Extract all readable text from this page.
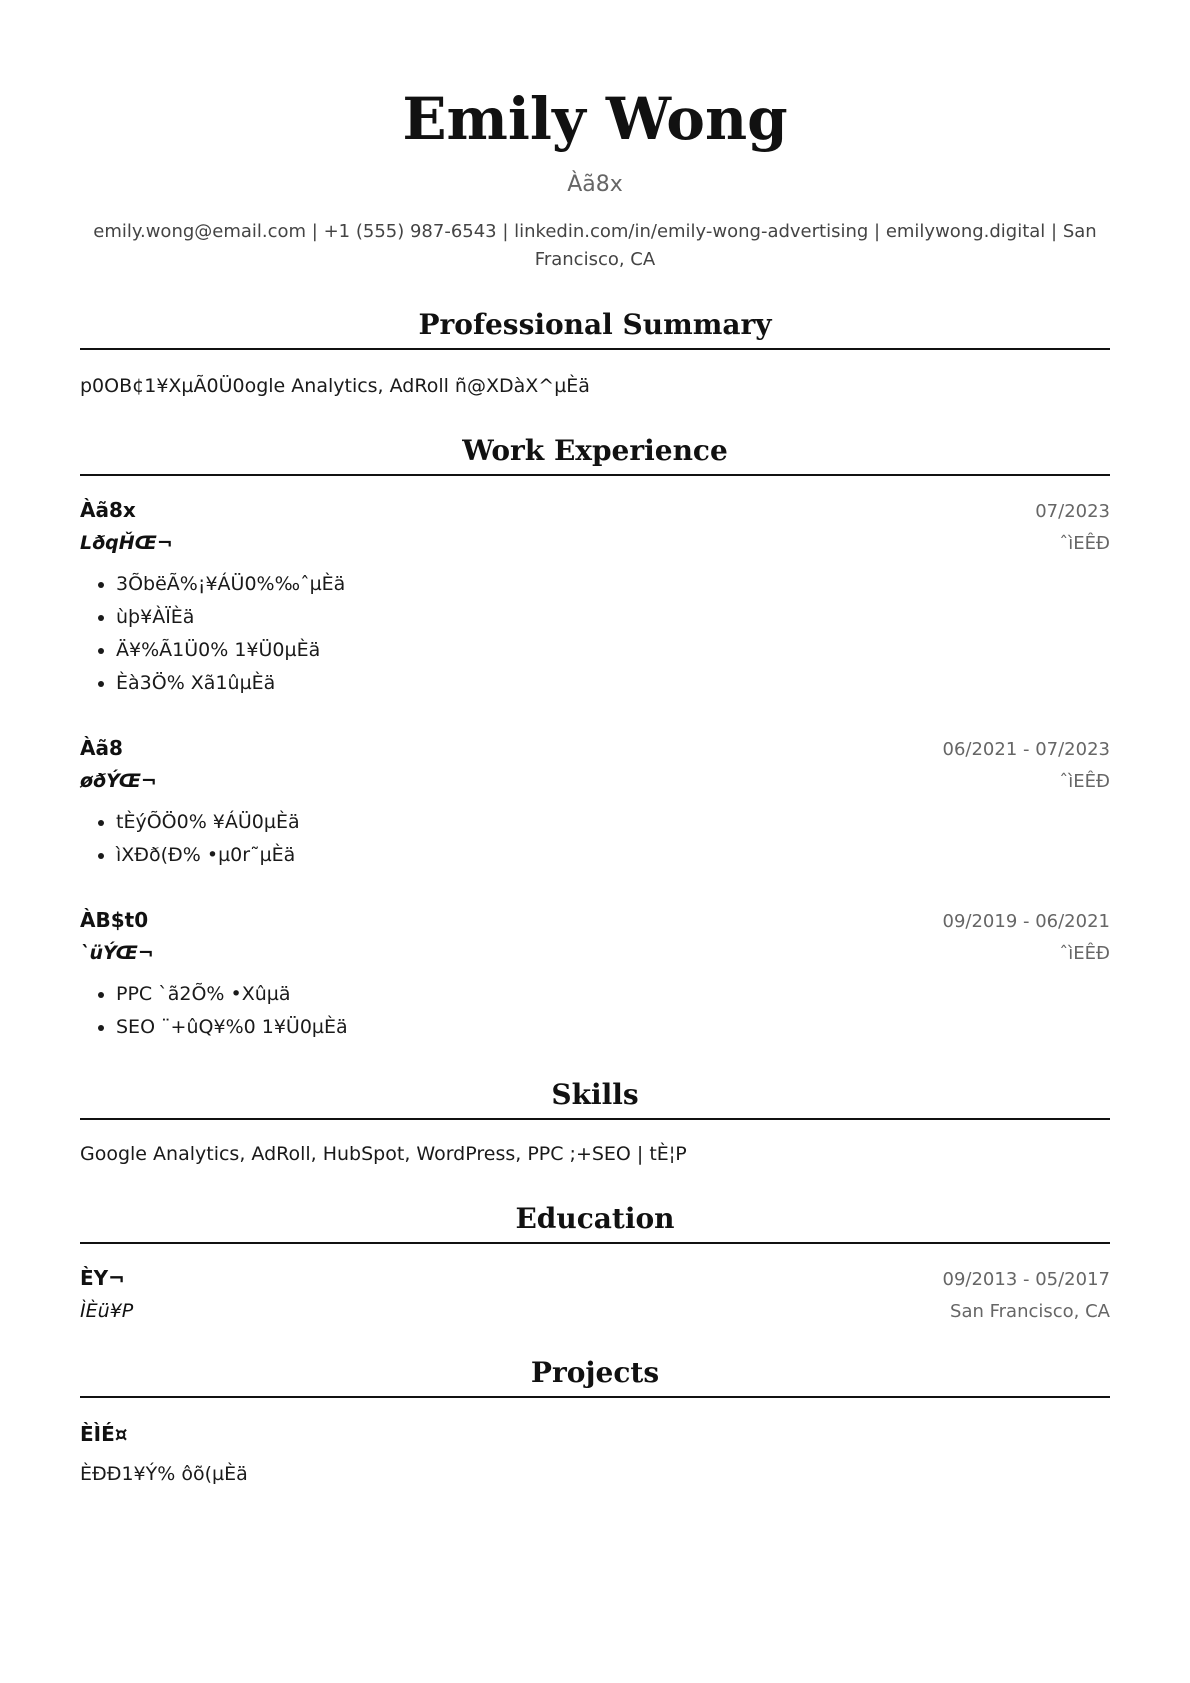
Emily Wong
Àã8x
emily.wong@email.com | +1 (555) 987-6543 | linkedin.com/in/emily-wong-advertising | emilywong.digital | San Francisco, CA
Professional Summary
p0OB¢1¥XµÃ0Ü0ogle Analytics, AdRoll ñ@XDàX^µÈä
Work Experience
Àã8x	07/2023
LðqȞŒ¬	ˆìEÊÐ
• 3ÕbëÃ%¡¥ÁÜ0%‰ˆµÈä
• ùþ¥ÀÏÈä
• Ä¥%Ã1Ü0% 1¥Ü0µÈä
• Èà3Ö% Xã1ûµÈä
Àã8	06/2021 - 07/2023
øðÝŒ¬	ˆìEÊÐ
• tÈýÕÖ0% ¥ÁÜ0µÈä
• ìXÐð(Ð% •µ0r˜µÈä
ÀB$t0	09/2019 - 06/2021
`üÝŒ¬	ˆìEÊÐ
• PPC `ã2Õ% •Xûµä
• SEO ¨+ûQ¥%0 1¥Ü0µÈä
Skills
Google Analytics, AdRoll, HubSpot, WordPress, PPC ;+SEO | tÈ¦P
Education
ÈY¬	09/2013 - 05/2017
ÌÈü¥P	San Francisco, CA
Projects
ÈÌÉ¤
ÈÐÐ1¥Ý% ôõ(µÈä
